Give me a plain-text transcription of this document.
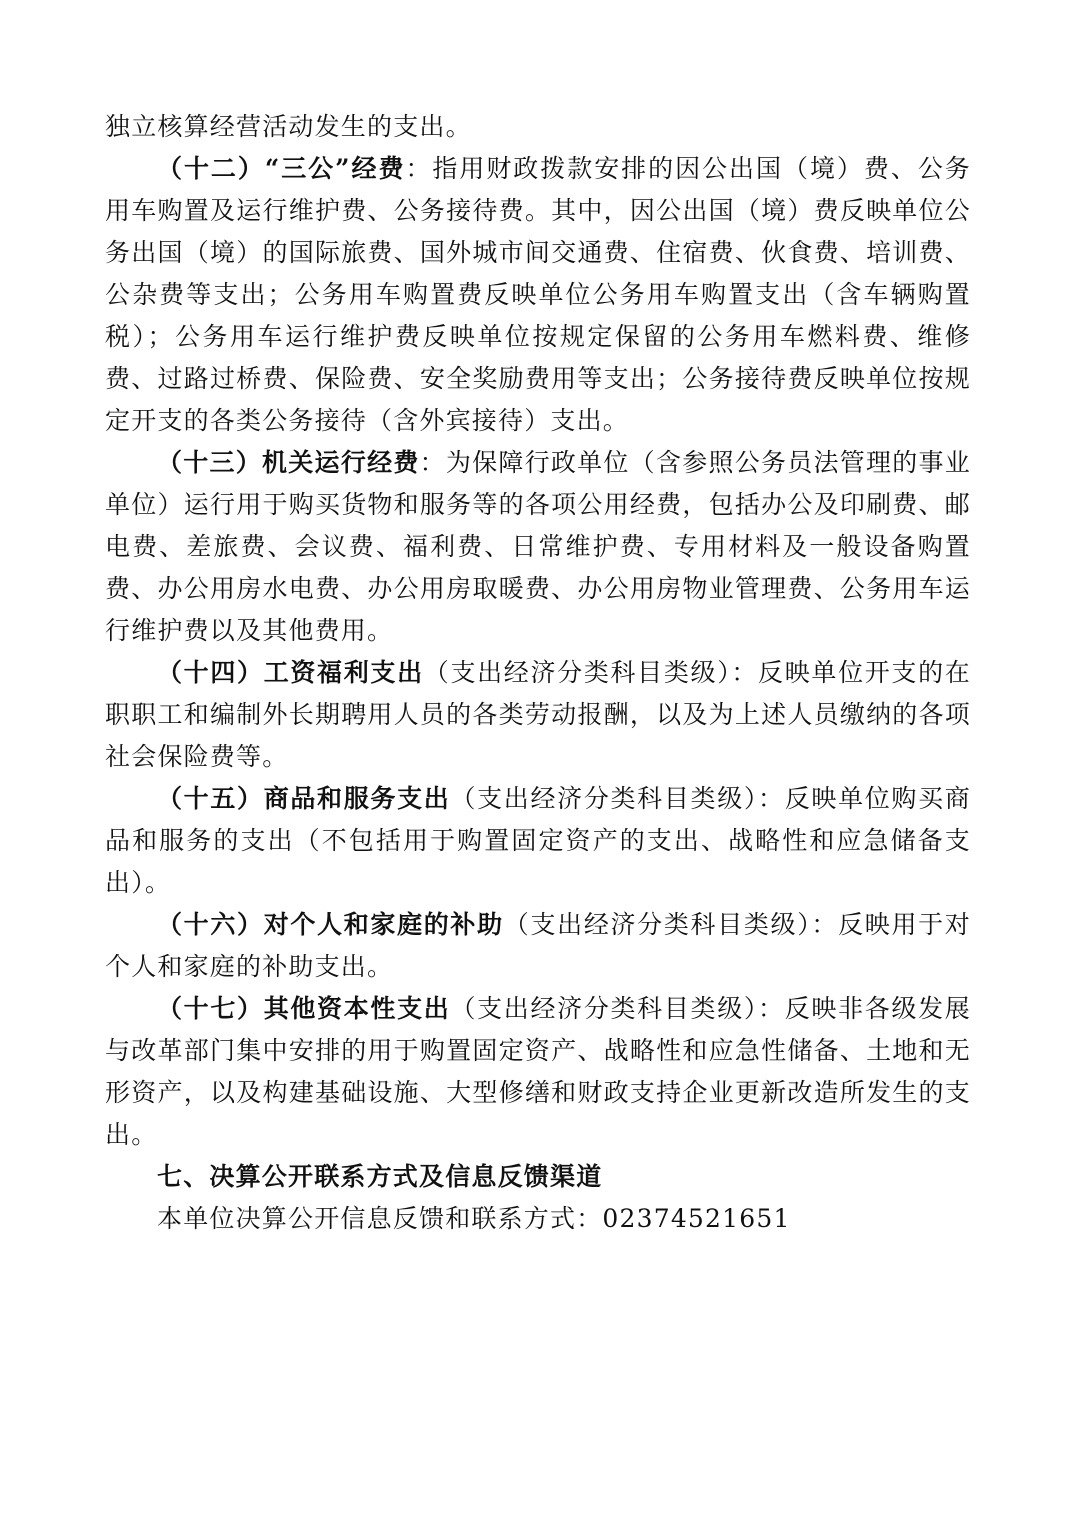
独立核算经营活动发生的支出。

（十二）“三公”经费：指用财政拨款安排的因公出国（境）费、公务用车购置及运行维护费、公务接待费。其中，因公出国（境）费反映单位公务出国（境）的国际旅费、国外城市间交通费、住宿费、伙食费、培训费、公杂费等支出；公务用车购置费反映单位公务用车购置支出（含车辆购置税）；公务用车运行维护费反映单位按规定保留的公务用车燃料费、维修费、过路过桥费、保险费、安全奖励费用等支出；公务接待费反映单位按规定开支的各类公务接待（含外宾接待）支出。

（十三）机关运行经费：为保障行政单位（含参照公务员法管理的事业单位）运行用于购买货物和服务等的各项公用经费，包括办公及印刷费、邮电费、差旅费、会议费、福利费、日常维护费、专用材料及一般设备购置费、办公用房水电费、办公用房取暖费、办公用房物业管理费、公务用车运行维护费以及其他费用。

（十四）工资福利支出（支出经济分类科目类级）：反映单位开支的在职职工和编制外长期聘用人员的各类劳动报酬，以及为上述人员缴纳的各项社会保险费等。

（十五）商品和服务支出（支出经济分类科目类级）：反映单位购买商品和服务的支出（不包括用于购置固定资产的支出、战略性和应急储备支出）。

（十六）对个人和家庭的补助（支出经济分类科目类级）：反映用于对个人和家庭的补助支出。

（十七）其他资本性支出（支出经济分类科目类级）：反映非各级发展与改革部门集中安排的用于购置固定资产、战略性和应急性储备、土地和无形资产，以及构建基础设施、大型修缮和财政支持企业更新改造所发生的支出。

七、决算公开联系方式及信息反馈渠道

本单位决算公开信息反馈和联系方式：02374521651
